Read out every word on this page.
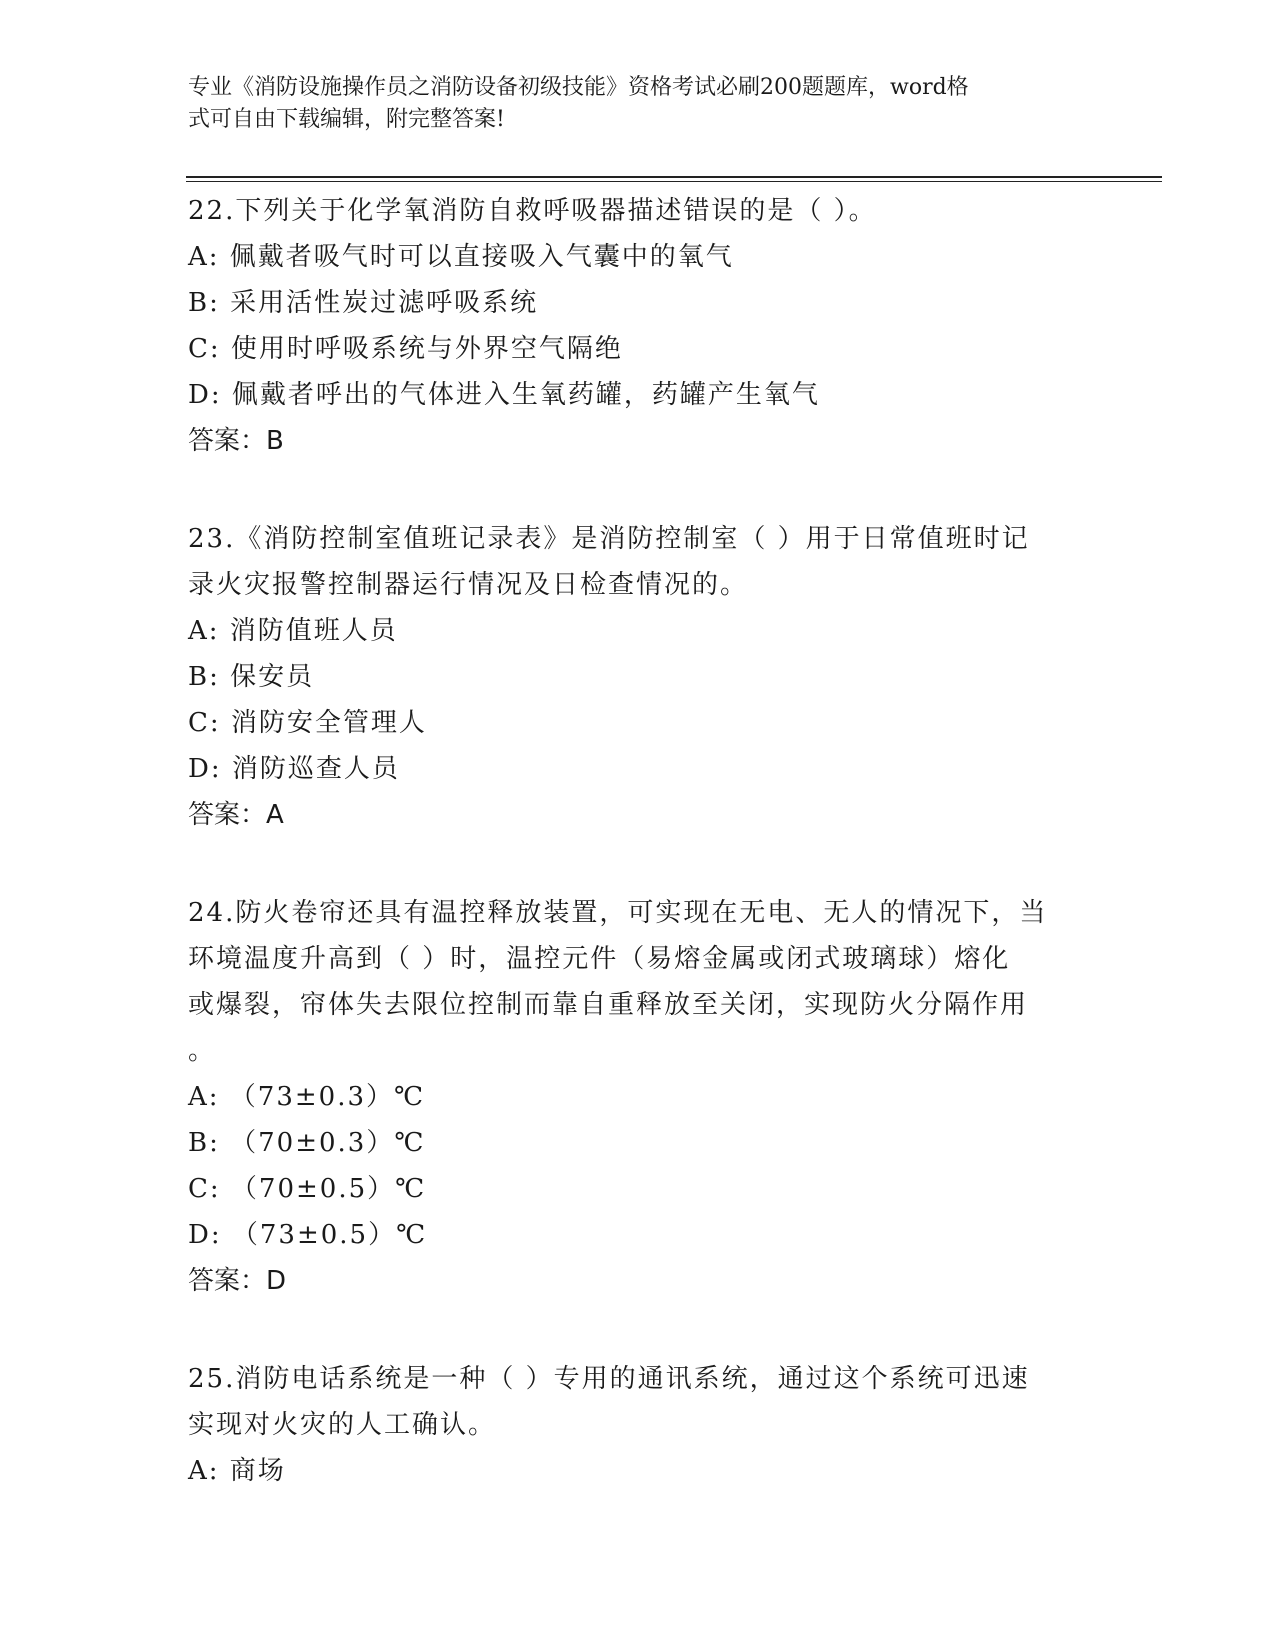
专业《消防设施操作员之消防设备初级技能》资格考试必刷200题题库，word格
式可自由下载编辑，附完整答案!

22.下列关于化学氧消防自救呼吸器描述错误的是（ ）。

A: 佩戴者吸气时可以直接吸入气囊中的氧气

B: 采用活性炭过滤呼吸系统

C: 使用时呼吸系统与外界空气隔绝

D: 佩戴者呼出的气体进入生氧药罐，药罐产生氧气

答案：B

23.《消防控制室值班记录表》是消防控制室（ ）用于日常值班时记

录火灾报警控制器运行情况及日检查情况的。

A: 消防值班人员

B: 保安员

C: 消防安全管理人

D: 消防巡查人员

答案：A

24.防火卷帘还具有温控释放装置，可实现在无电、无人的情况下，当

环境温度升高到（ ）时，温控元件（易熔金属或闭式玻璃球）熔化

或爆裂，帘体失去限位控制而靠自重释放至关闭，实现防火分隔作用

。

A: （73±0.3）℃

B: （70±0.3）℃

C: （70±0.5）℃

D: （73±0.5）℃

答案：D

25.消防电话系统是一种（ ）专用的通讯系统，通过这个系统可迅速

实现对火灾的人工确认。

A: 商场
